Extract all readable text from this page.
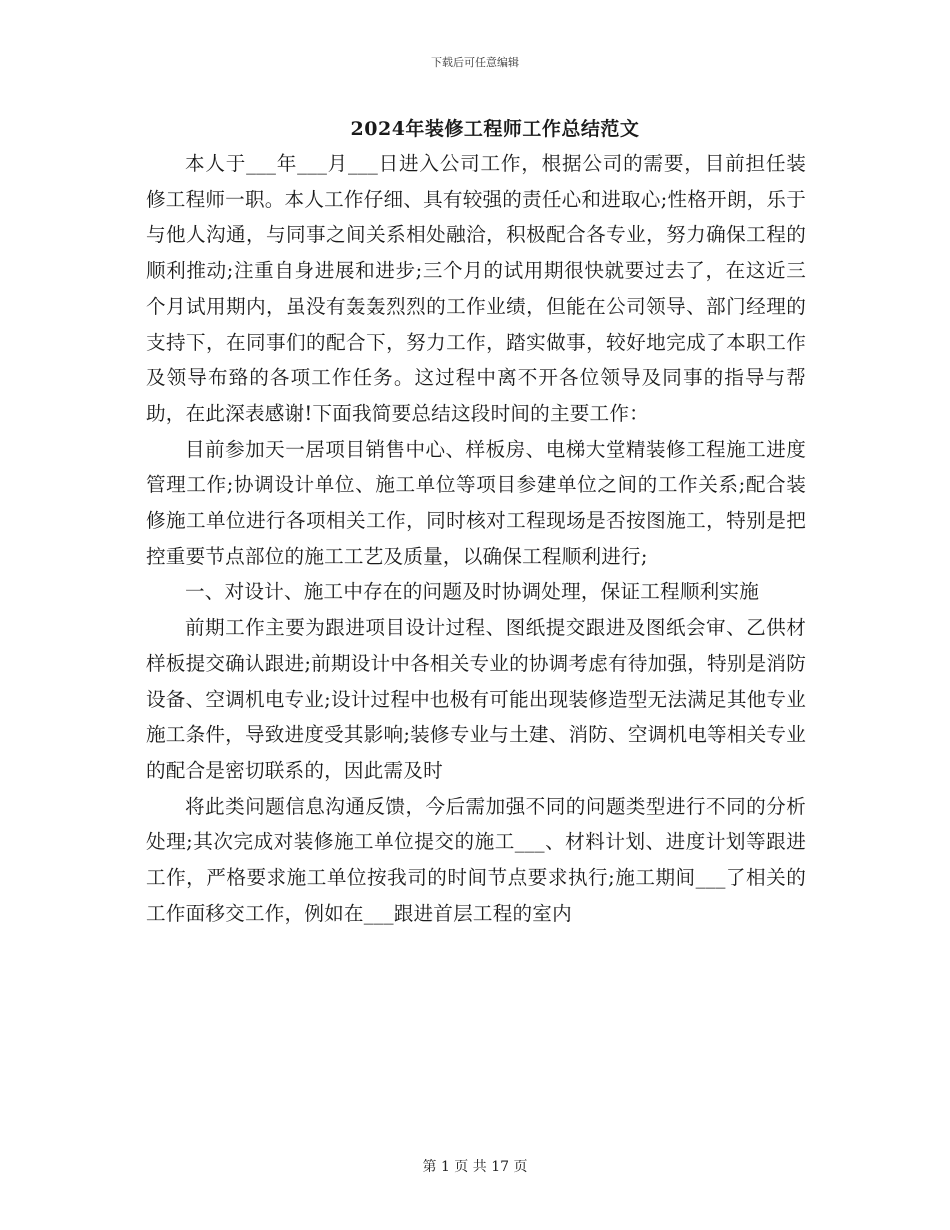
下载后可任意编辑
2024年装修工程师工作总结范文

本人于___年___月___日进入公司工作，根据公司的需要，目前担任装修工程师一职。本人工作仔细、具有较强的责任心和进取心;性格开朗，乐于与他人沟通，与同事之间关系相处融洽，积极配合各专业，努力确保工程的顺利推动;注重自身进展和进步;三个月的试用期很快就要过去了，在这近三个月试用期内，虽没有轰轰烈烈的工作业绩，但能在公司领导、部门经理的支持下，在同事们的配合下，努力工作，踏实做事，较好地完成了本职工作及领导布臵的各项工作任务。这过程中离不开各位领导及同事的指导与帮助，在此深表感谢!下面我简要总结这段时间的主要工作：

目前参加天一居项目销售中心、样板房、电梯大堂精装修工程施工进度管理工作;协调设计单位、施工单位等项目参建单位之间的工作关系;配合装修施工单位进行各项相关工作，同时核对工程现场是否按图施工，特别是把控重要节点部位的施工工艺及质量，以确保工程顺利进行;

一、对设计、施工中存在的问题及时协调处理，保证工程顺利实施

前期工作主要为跟进项目设计过程、图纸提交跟进及图纸会审、乙供材样板提交确认跟进;前期设计中各相关专业的协调考虑有待加强，特别是消防设备、空调机电专业;设计过程中也极有可能出现装修造型无法满足其他专业施工条件，导致进度受其影响;装修专业与土建、消防、空调机电等相关专业的配合是密切联系的，因此需及时

将此类问题信息沟通反馈，今后需加强不同的问题类型进行不同的分析处理;其次完成对装修施工单位提交的施工___、材料计划、进度计划等跟进工作，严格要求施工单位按我司的时间节点要求执行;施工期间___了相关的工作面移交工作，例如在___跟进首层工程的室内

第 1 页 共 17 页
